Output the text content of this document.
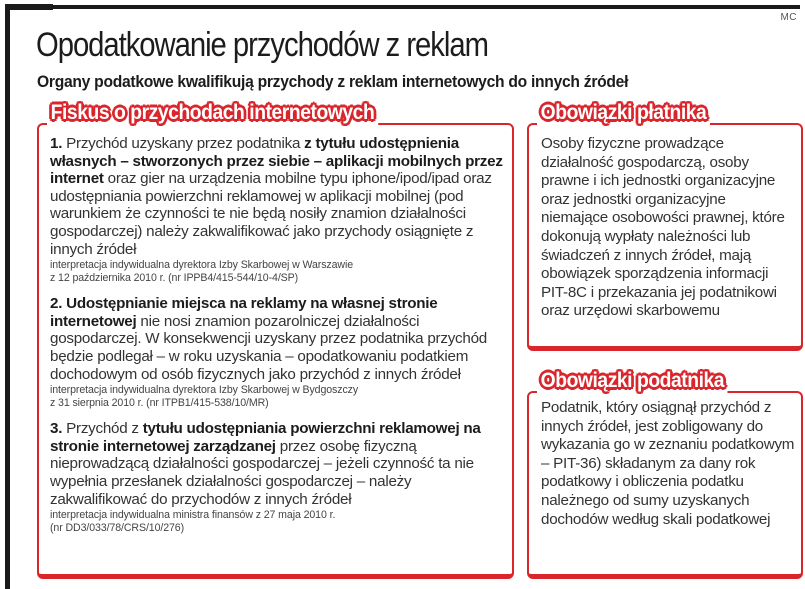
MC
Opodatkowanie przychodów z reklam
Organy podatkowe kwalifikują przychody z reklam internetowych do innych źródeł
Fiskus o przychodach internetowych

1. Przychód uzyskany przez podatnika z tytułu udostępnienia własnych – stworzonych przez siebie – aplikacji mobilnych przez internet oraz gier na urządzenia mobilne typu iphone/ipod/ipad oraz udostępniania powierzchni reklamowej w aplikacji mobilnej (pod warunkiem że czynności te nie będą nosiły znamion działalności gospodarczej) należy zakwalifikować jako przychody osiągnięte z innych źródeł

interpretacja indywidualna dyrektora Izby Skarbowej w Warszawie
z 12 października 2010 r. (nr IPPB4/415-544/10-4/SP)

2. Udostępnianie miejsca na reklamy na własnej stronie internetowej nie nosi znamion pozarolniczej działalności gospodarczej. W konsekwencji uzyskany przez podatnika przychód będzie podlegał – w roku uzyskania – opodatkowaniu podatkiem dochodowym od osób fizycznych jako przychód z innych źródeł

interpretacja indywidualna dyrektora Izby Skarbowej w Bydgoszczy
z 31 sierpnia 2010 r. (nr ITPB1/415-538/10/MR)

3. Przychód z tytułu udostępniania powierzchni reklamowej na stronie internetowej zarządzanej przez osobę fizyczną nieprowadzącą działalności gospodarczej – jeżeli czynność ta nie wypełnia przesłanek działalności gospodarczej – należy zakwalifikować do przychodów z innych źródeł

interpretacja indywidualna ministra finansów z 27 maja 2010 r.
(nr DD3/033/78/CRS/10/276)
Obowiązki płatnika
Osoby fizyczne prowadzące działalność gospodarczą, osoby prawne i ich jednostki organizacyjne oraz jednostki organizacyjne niemające osobowości prawnej, które dokonują wypłaty należności lub świadczeń z innych źródeł, mają obowiązek sporządzenia informacji PIT-8C i przekazania jej podatnikowi oraz urzędowi skarbowemu
Obowiązki podatnika
Podatnik, który osiągnął przychód z innych źródeł, jest zobligowany do wykazania go w zeznaniu podatkowym – PIT-36) składanym za dany rok podatkowy i obliczenia podatku należnego od sumy uzyskanych dochodów według skali podatkowej
